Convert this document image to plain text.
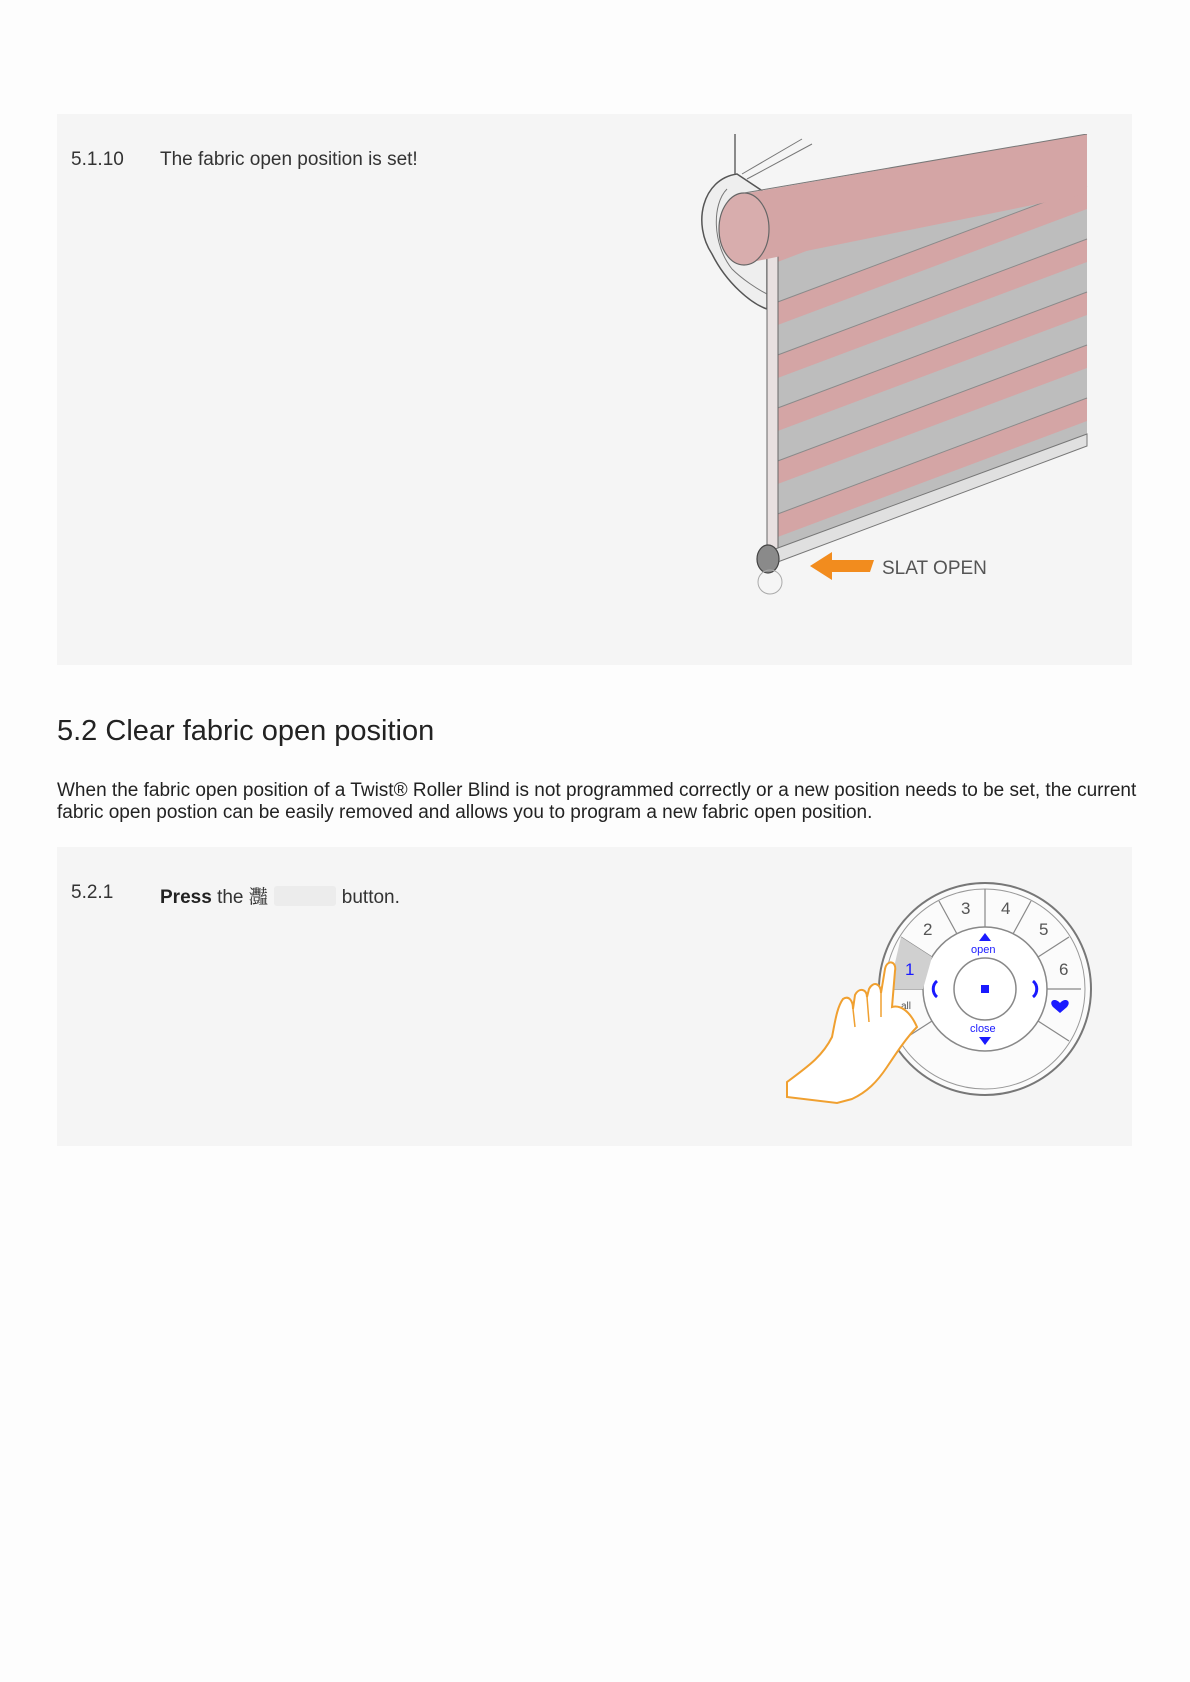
5.1.10 The fabric open position is set!
SLAT OPEN
5.2 Clear fabric open position

When the fabric open position of a Twist® Roller Blind is not programmed correctly or a new position needs to be set, the current fabric open postion can be easily removed and allows you to program a new fabric open position.

5.2.1 Press the 灩	button.
1
2
3 4
5
6
all
open
close
